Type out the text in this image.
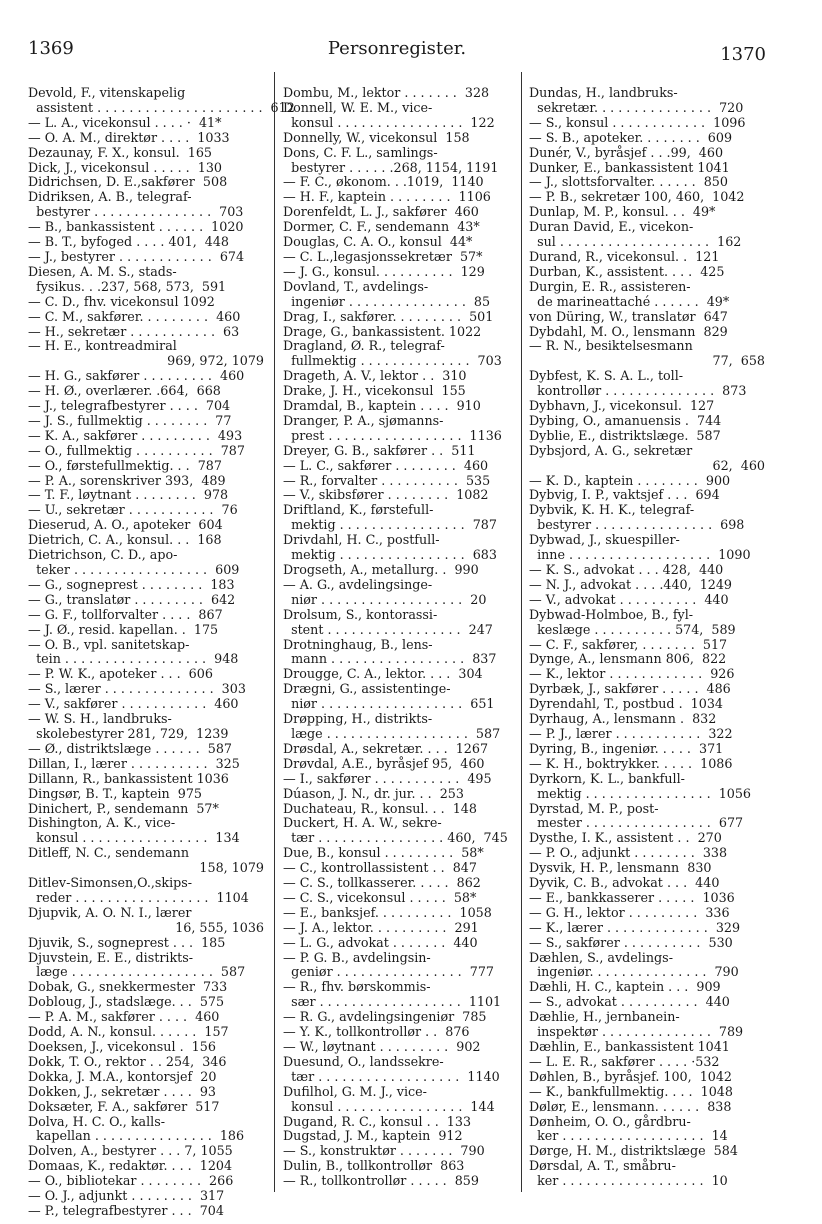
1369	Personregister.	1370
Devold, F., vitenskapelig
assistent . . . . . . . . . . . . . . . . . . . . .  612
— L. A., vicekonsul . . . . ·  41*
— O. A. M., direktør . . . .  1033
Dezaunay, F. X., konsul.  165
Dick, J., vicekonsul . . . . .  130
Didrichsen, D. E.,sakfører  508
Didriksen, A. B., telegraf-
bestyrer . . . . . . . . . . . . . . .  703
— B., bankassistent . . . . . .  1020
— B. T., byfoged . . . . 401,  448
— J., bestyrer . . . . . . . . . . . .  674
Diesen, A. M. S., stads-
fysikus. . .237, 568, 573,  591
— C. D., fhv. vicekonsul 1092
— C. M., sakfører. . . . . . . . .  460
— H., sekretær . . . . . . . . . . .  63
— H. E., kontreadmiral
969, 972, 1079
— H. G., sakfører . . . . . . . . .  460
— H. Ø., overlærer. .664,  668
— J., telegrafbestyrer . . . .  704
— J. S., fullmektig . . . . . . . .  77
— K. A., sakfører . . . . . . . . .  493
— O., fullmektig . . . . . . . . . .  787
— O., førstefullmektig. . .  787
— P. A., sorenskriver 393,  489
— T. F., løytnant . . . . . . . .  978
— U., sekretær . . . . . . . . . . .  76
Dieserud, A. O., apoteker  604
Dietrich, C. A., konsul. . .  168
Dietrichson, C. D., apo-
teker . . . . . . . . . . . . . . . . .  609
— G., sogneprest . . . . . . . .  183
— G., translatør . . . . . . . . .  642
— G. F., tollforvalter . . . .  867
— J. Ø., resid. kapellan. .  175
— O. B., vpl. sanitetskap-
tein . . . . . . . . . . . . . . . . . .  948
— P. W. K., apoteker . . .  606
— S., lærer . . . . . . . . . . . . . .  303
— V., sakfører . . . . . . . . . . .  460
— W. S. H., landbruks-
skolebestyrer 281, 729,  1239
— Ø., distriktslæge . . . . . .  587
Dillan, I., lærer . . . . . . . . . .  325
Dillann, R., bankassistent 1036
Dingsør, B. T., kaptein  975
Dinichert, P., sendemann  57*
Dishington, A. K., vice-
konsul . . . . . . . . . . . . . . . .  134
Ditleff, N. C., sendemann
158, 1079
Ditlev-Simonsen,O.,skips-
reder . . . . . . . . . . . . . . . . .  1104
Djupvik, A. O. N. I., lærer
16, 555, 1036
Djuvik, S., sogneprest . . .  185
Djuvstein, E. E., distrikts-
læge . . . . . . . . . . . . . . . . . .  587
Dobak, G., snekkermester  733
Dobloug, J., stadslæge. . .  575
— P. A. M., sakfører . . . .  460
Dodd, A. N., konsul. . . . . .  157
Doeksen, J., vicekonsul .  156
Dokk, T. O., rektor . . 254,  346
Dokka, J. M.A., kontorsjef  20
Dokken, J., sekretær . . . .  93
Doksæter, F. A., sakfører  517
Dolva, H. C. O., kalls-
kapellan . . . . . . . . . . . . . . .  186
Dolven, A., bestyrer . . . 7, 1055
Domaas, K., redaktør. . . .  1204
— O., bibliotekar . . . . . . . .  266
— O. J., adjunkt . . . . . . . .  317
— P., telegrafbestyrer . . .  704
Dombu, M., lektor . . . . . . .  328
Donnell, W. E. M., vice-
konsul . . . . . . . . . . . . . . . .  122
Donnelly, W., vicekonsul  158
Dons, C. F. L., samlings-
bestyrer . . . . . .268, 1154, 1191
— F. C., økonom. . .1019,  1140
— H. F., kaptein . . . . . . . .  1106
Dorenfeldt, L. J., sakfører  460
Dormer, C. F., sendemann  43*
Douglas, C. A. O., konsul  44*
— C. L.,legasjonssekretær  57*
— J. G., konsul. . . . . . . . . .  129
Dovland, T., avdelings-
ingeniør . . . . . . . . . . . . . . .  85
Drag, I., sakfører. . . . . . . . .  501
Drage, G., bankassistent. 1022
Dragland, Ø. R., telegraf-
fullmektig . . . . . . . . . . . . . .  703
Drageth, A. V., lektor . .  310
Drake, J. H., vicekonsul  155
Dramdal, B., kaptein . . . .  910
Dranger, P. A., sjømanns-
prest . . . . . . . . . . . . . . . . .  1136
Dreyer, G. B., sakfører . .  511
— L. C., sakfører . . . . . . . .  460
— R., forvalter . . . . . . . . . .  535
— V., skibsfører . . . . . . . .  1082
Driftland, K., førstefull-
mektig . . . . . . . . . . . . . . . .  787
Drivdahl, H. C., postfull-
mektig . . . . . . . . . . . . . . . .  683
Drogseth, A., metallurg. .  990
— A. G., avdelingsinge-
niør . . . . . . . . . . . . . . . . . .  20
Drolsum, S., kontorassi-
stent . . . . . . . . . . . . . . . . .  247
Drotninghaug, B., lens-
mann . . . . . . . . . . . . . . . . .  837
Drougge, C. A., lektor. . . .  304
Drægni, G., assistentinge-
niør . . . . . . . . . . . . . . . . . .  651
Drøpping, H., distrikts-
læge . . . . . . . . . . . . . . . . . .  587
Drøsdal, A., sekretær. . . .  1267
Drøvdal, A.E., byråsjef 95,  460
— I., sakfører . . . . . . . . . . .  495
Dúason, J. N., dr. jur. . .  253
Duchateau, R., konsul. . .  148
Duckert, H. A. W., sekre-
tær . . . . . . . . . . . . . . . . 460,  745
Due, B., konsul . . . . . . . . .  58*
— C., kontrollassistent . .  847
— C. S., tollkasserer. . . . .  862
— C. S., vicekonsul . . . . .  58*
— E., banksjef. . . . . . . . . .  1058
— J. A., lektor. . . . . . . . . .  291
— L. G., advokat . . . . . . .  440
— P. G. B., avdelingsin-
geniør . . . . . . . . . . . . . . . .  777
— R., fhv. børskommis-
sær . . . . . . . . . . . . . . . . . .  1101
— R. G., avdelingsingeniør  785
— Y. K., tollkontrollør . .  876
— W., løytnant . . . . . . . . .  902
Duesund, O., landssekre-
tær . . . . . . . . . . . . . . . . . .  1140
Dufilhol, G. M. J., vice-
konsul . . . . . . . . . . . . . . . .  144
Dugand, R. C., konsul . .  133
Dugstad, J. M., kaptein  912
— S., konstruktør . . . . . . .  790
Dulin, B., tollkontrollør  863
— R., tollkontrollør . . . . .  859
Dundas, H., landbruks-
sekretær. . . . . . . . . . . . . . .  720
— S., konsul . . . . . . . . . . . .  1096
— S. B., apoteker. . . . . . . .  609
Dunér, V., byråsjef . . .99,  460
Dunker, E., bankassistent 1041
— J., slottsforvalter. . . . . .  850
— P. B., sekretær 100, 460,  1042
Dunlap, M. P., konsul. . .  49*
Duran David, E., vicekon-
sul . . . . . . . . . . . . . . . . . . .  162
Durand, R., vicekonsul. .  121
Durban, K., assistent. . . .  425
Durgin, E. R., assisteren-
de marineattaché . . . . . .  49*
von Düring, W., translatør  647
Dybdahl, M. O., lensmann  829
— R. N., besiktelsesmann
77,  658
Dybfest, K. S. A. L., toll-
kontrollør . . . . . . . . . . . . . .  873
Dybhavn, J., vicekonsul.  127
Dybing, O., amanuensis .  744
Dyblie, E., distriktslæge.  587
Dybsjord, A. G., sekretær
62,  460
— K. D., kaptein . . . . . . . .  900
Dybvig, I. P., vaktsjef . . .  694
Dybvik, K. H. K., telegraf-
bestyrer . . . . . . . . . . . . . . .  698
Dybwad, J., skuespiller-
inne . . . . . . . . . . . . . . . . . .  1090
— K. S., advokat . . . 428,  440
— N. J., advokat . . . .440,  1249
— V., advokat . . . . . . . . . .  440
Dybwad-Holmboe, B., fyl-
keslæge . . . . . . . . . . 574,  589
— C. F., sakfører, . . . . . . .  517
Dynge, A., lensmann 806,  822
— K., lektor . . . . . . . . . . . .  926
Dyrbæk, J., sakfører . . . . .  486
Dyrendahl, T., postbud .  1034
Dyrhaug, A., lensmann .  832
— P. J., lærer . . . . . . . . . . .  322
Dyring, B., ingeniør. . . . .  371
— K. H., boktrykker. . . . .  1086
Dyrkorn, K. L., bankfull-
mektig . . . . . . . . . . . . . . . .  1056
Dyrstad, M. P., post-
mester . . . . . . . . . . . . . . . .  677
Dysthe, I. K., assistent . .  270
— P. O., adjunkt . . . . . . . .  338
Dysvik, H. P., lensmann  830
Dyvik, C. B., advokat . . .  440
— E., bankkasserer . . . . .  1036
— G. H., lektor . . . . . . . . .  336
— K., lærer . . . . . . . . . . . . .  329
— S., sakfører . . . . . . . . . .  530
Dæhlen, S., avdelings-
ingeniør. . . . . . . . . . . . . . .  790
Dæhli, H. C., kaptein . . .  909
— S., advokat . . . . . . . . . .  440
Dæhlie, H., jernbanein-
inspektør . . . . . . . . . . . . . .  789
Dæhlin, E., bankassistent 1041
— L. E. R., sakfører . . . . ·532
Døhlen, B., byråsjef. 100,  1042
— K., bankfullmektig. . . .  1048
Dølør, E., lensmann. . . . . .  838
Dønheim, O. O., gårdbru-
ker . . . . . . . . . . . . . . . . . .  14
Dørge, H. M., distriktslæge  584
Dørsdal, A. T., småbru-
ker . . . . . . . . . . . . . . . . . .  10
